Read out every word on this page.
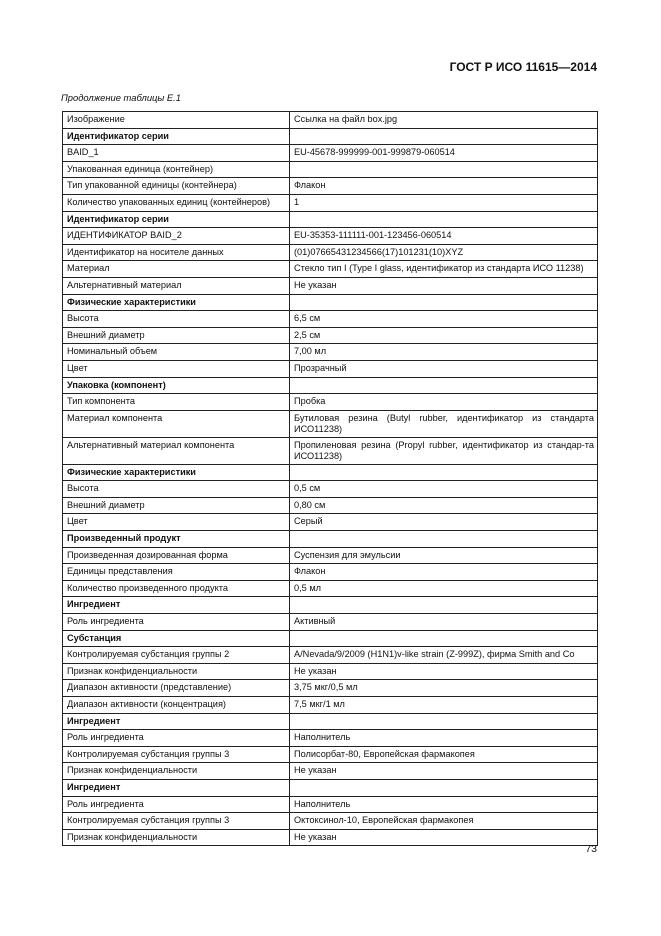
ГОСТ Р ИСО 11615—2014
Продолжение таблицы Е.1
Изображение	Ссылка на файл box.jpg
Идентификатор серии	
BAID_1	EU-45678-999999-001-999879-060514
Упакованная единица (контейнер)	
Тип упакованной единицы (контейнера)	Флакон
Количество упакованных единиц (контейнеров)	1
Идентификатор серии	
ИДЕНТИФИКАТОР BAID_2	EU-35353-111111-001-123456-060514
Идентификатор на носителе данных	(01)07665431234566(17)101231(10)XYZ
Материал	Стекло тип I (Type I glass, идентификатор из стандарта ИСО 11238)
Альтернативный материал	Не указан
Физические характеристики	
Высота	6,5 см
Внешний диаметр	2,5 см
Номинальный объем	7,00 мл
Цвет	Прозрачный
Упаковка (компонент)	
Тип компонента	Пробка
Материал компонента	Бутиловая резина (Butyl rubber, идентификатор из стандарта ИСО11238)
Альтернативный материал компонента	Пропиленовая резина (Propyl rubber, идентификатор из стандар-та ИСО11238)
Физические характеристики	
Высота	0,5 см
Внешний диаметр	0,80 см
Цвет	Серый
Произведенный продукт	
Произведенная дозированная форма	Суспензия для эмульсии
Единицы представления	Флакон
Количество произведенного продукта	0,5 мл
Ингредиент	
Роль ингредиента	Активный
Субстанция	
Контролируемая субстанция группы 2	A/Nevada/9/2009 (H1N1)v-like strain (Z-999Z), фирма Smith and Co
Признак конфиденциальности	Не указан
Диапазон активности (представление)	3,75 мкг/0,5 мл
Диапазон активности (концентрация)	7,5 мкг/1 мл
Ингредиент	
Роль ингредиента	Наполнитель
Контролируемая субстанция группы 3	Полисорбат-80, Европейская фармакопея
Признак конфиденциальности	Не указан
Ингредиент	
Роль ингредиента	Наполнитель
Контролируемая субстанция группы 3	Октоксинол-10, Европейская фармакопея
Признак конфиденциальности	Не указан
73
